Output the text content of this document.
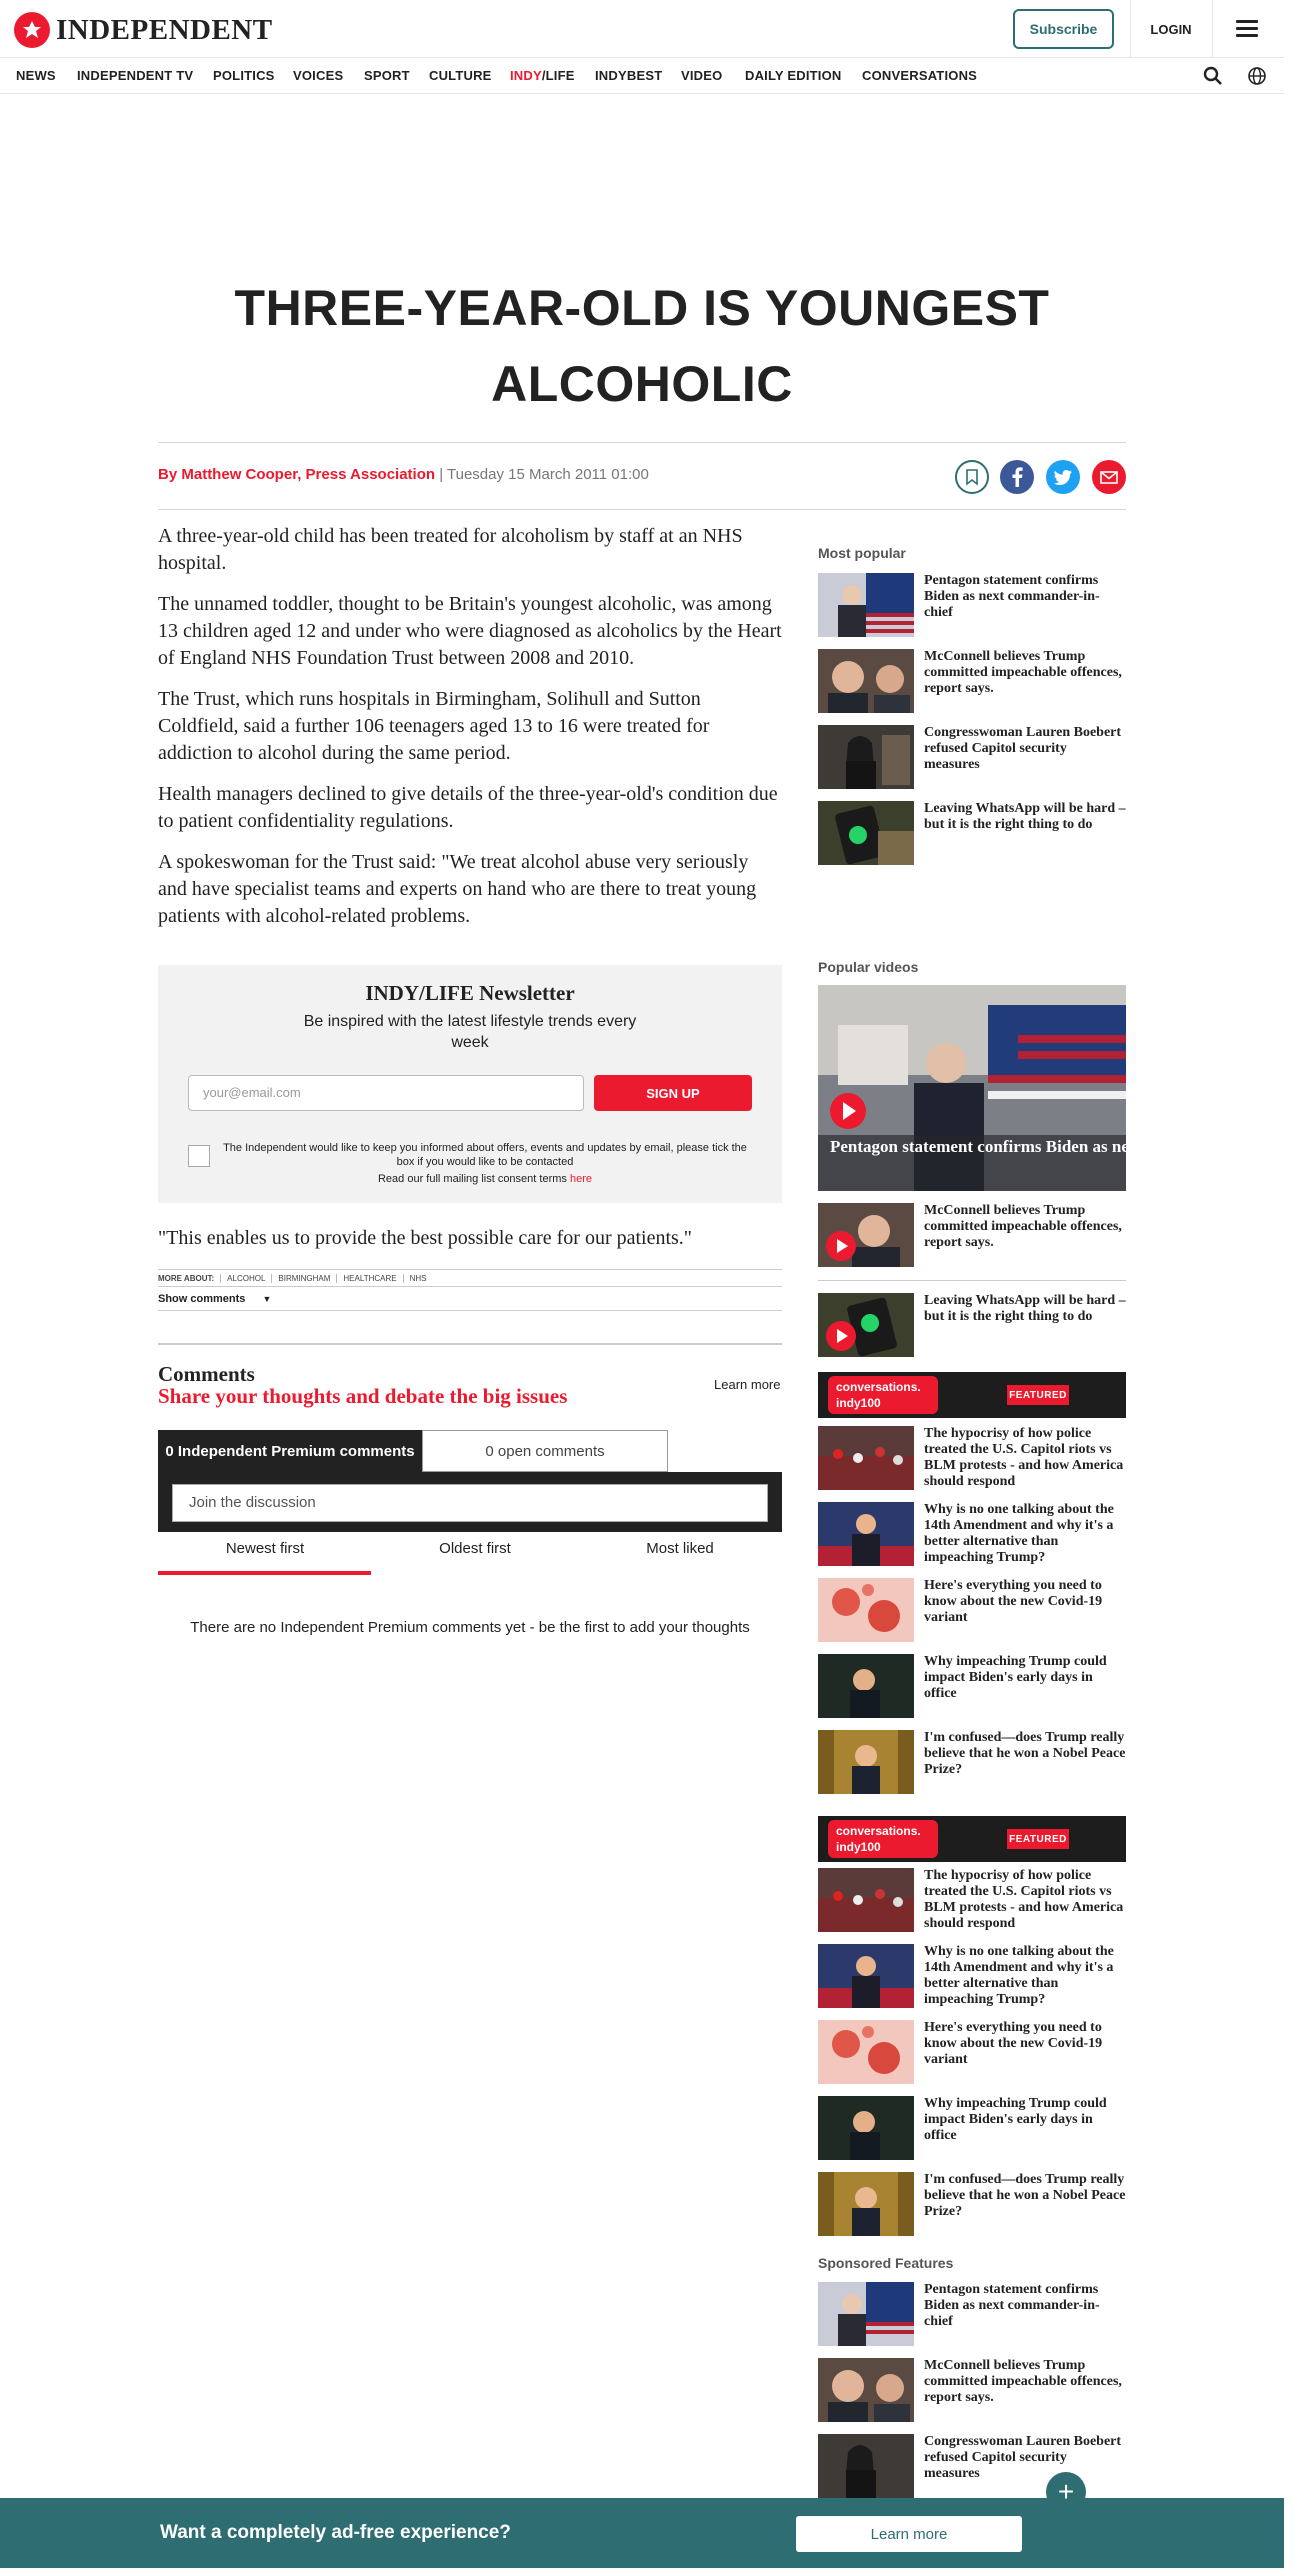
INDEPENDENT	Subscribe	LOGIN
NEWS INDEPENDENT TV POLITICS VOICES SPORT CULTURE INDY/LIFE INDYBEST VIDEO DAILY EDITION CONVERSATIONS
THREE-YEAR-OLD IS YOUNGEST ALCOHOLIC
By Matthew Cooper, Press Association | Tuesday 15 March 2011 01:00

A three-year-old child has been treated for alcoholism by staff at an NHS hospital.

The unnamed toddler, thought to be Britain's youngest alcoholic, was among 13 children aged 12 and under who were diagnosed as alcoholics by the Heart of England NHS Foundation Trust between 2008 and 2010.

The Trust, which runs hospitals in Birmingham, Solihull and Sutton Coldfield, said a further 106 teenagers aged 13 to 16 were treated for addiction to alcohol during the same period.

Health managers declined to give details of the three-year-old's condition due to patient confidentiality regulations.

A spokeswoman for the Trust said: "We treat alcohol abuse very seriously and have specialist teams and experts on hand who are there to treat young patients with alcohol-related problems.

INDY/LIFE Newsletter
Be inspired with the latest lifestyle trends every week
your@email.com	SIGN UP
The Independent would like to keep you informed about offers, events and updates by email, please tick the box if you would like to be contacted
Read our full mailing list consent terms here

"This enables us to provide the best possible care for our patients."

MORE ABOUT:	ALCOHOL	BIRMINGHAM	HEALTHCARE	NHS
Show comments ▼
Comments
Share your thoughts and debate the big issues	Learn more
0 Independent Premium comments	0 open comments
Join the discussion
Newest first	Oldest first	Most liked
There are no Independent Premium comments yet - be the first to add your thoughts
Most popular
Pentagon statement confirms Biden as next commander-in-chief
McConnell believes Trump committed impeachable offences, report says.
Congresswoman Lauren Boebert refused Capitol security measures
Leaving WhatsApp will be hard – but it is the right thing to do
Popular videos
Pentagon statement confirms Biden as next commander-in-chief
McConnell believes Trump committed impeachable offences, report says.
Leaving WhatsApp will be hard – but it is the right thing to do
conversations. indy100
FEATURED
The hypocrisy of how police treated the U.S. Capitol riots vs BLM protests - and how America should respond
Why is no one talking about the 14th Amendment and why it's a better alternative than impeaching Trump?
Here's everything you need to know about the new Covid-19 variant
Why impeaching Trump could impact Biden's early days in office
I'm confused—does Trump really believe that he won a Nobel Peace Prize?
conversations. indy100
FEATURED
The hypocrisy of how police treated the U.S. Capitol riots vs BLM protests - and how America should respond
Why is no one talking about the 14th Amendment and why it's a better alternative than impeaching Trump?
Here's everything you need to know about the new Covid-19 variant
Why impeaching Trump could impact Biden's early days in office
I'm confused—does Trump really believe that he won a Nobel Peace Prize?
Sponsored Features
Pentagon statement confirms Biden as next commander-in-chief
McConnell believes Trump committed impeachable offences, report says.
Congresswoman Lauren Boebert refused Capitol security measures
Want a completely ad-free experience?	Learn more
+
